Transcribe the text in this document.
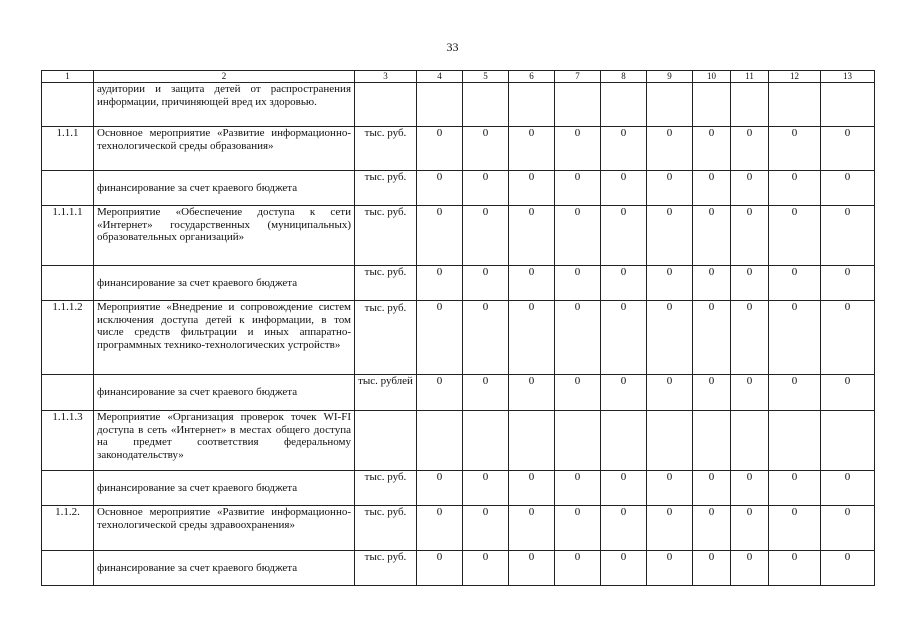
33
1	2	3	4	5	6	7	8	9	10	11	12	13
	аудитории и защита детей от распространения информации, причиняющей вред их здоровью.											
1.1.1	Основное мероприятие «Развитие информационно-технологической среды образования»	тыс. руб.	0	0	0	0	0	0	0	0	0	0
	финансирование за счет краевого бюджета	тыс. руб.	0	0	0	0	0	0	0	0	0	0
1.1.1.1	Мероприятие «Обеспечение доступа к сети «Интернет» государственных (муниципальных) образовательных организаций»	тыс. руб.	0	0	0	0	0	0	0	0	0	0
	финансирование за счет краевого бюджета	тыс. руб.	0	0	0	0	0	0	0	0	0	0
1.1.1.2	Мероприятие «Внедрение и сопровождение систем исключения доступа детей к информации, в том числе средств фильтрации и иных аппаратно-программных технико-технологических устройств»	тыс. руб.	0	0	0	0	0	0	0	0	0	0
	финансирование за счет краевого бюджета	тыс. рублей	0	0	0	0	0	0	0	0	0	0
1.1.1.3	Мероприятие «Организация проверок точек WI-FI доступа в сеть «Интернет» в местах общего доступа на предмет соответствия федеральному законодательству»											
	финансирование за счет краевого бюджета	тыс. руб.	0	0	0	0	0	0	0	0	0	0
1.1.2.	Основное мероприятие «Развитие информационно-технологической среды здравоохранения»	тыс. руб.	0	0	0	0	0	0	0	0	0	0
	финансирование за счет краевого бюджета	тыс. руб.	0	0	0	0	0	0	0	0	0	0
